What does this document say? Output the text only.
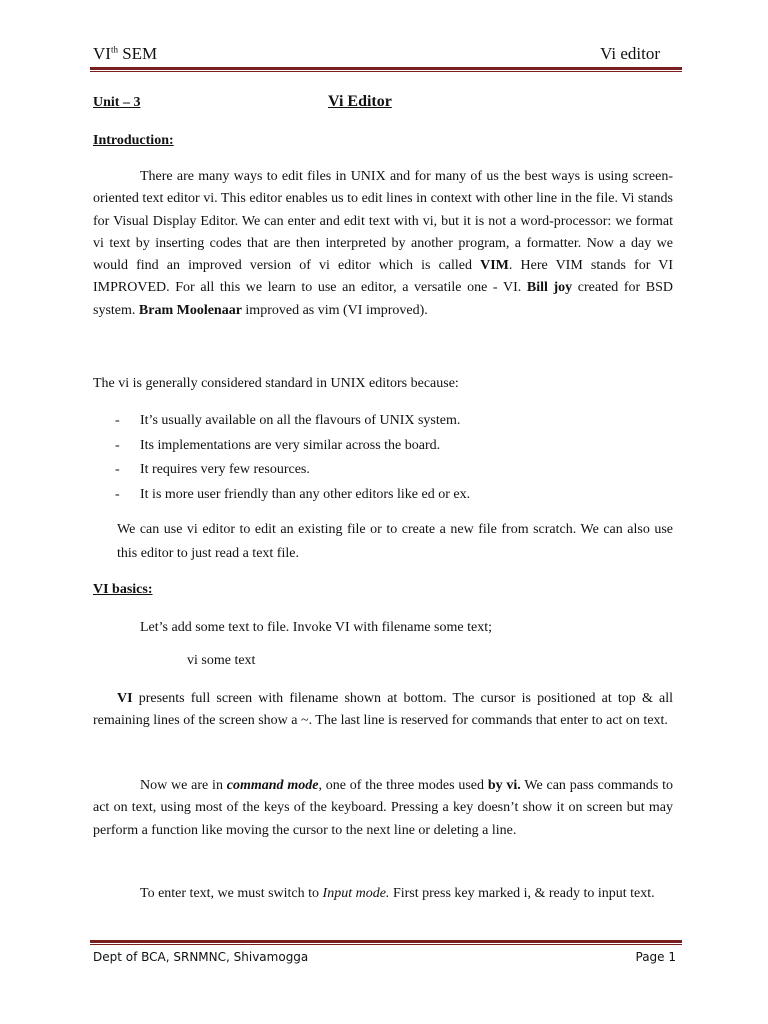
VIth SEM	Vi editor
Unit – 3	Vi Editor
Introduction:

There are many ways to edit files in UNIX and for many of us the best ways is using screen-oriented text editor vi. This editor enables us to edit lines in context with other line in the file. Vi stands for Visual Display Editor. We can enter and edit text with vi, but it is not a word-processor: we format vi text by inserting codes that are then interpreted by another program, a formatter. Now a day we would find an improved version of vi editor which is called VIM. Here VIM stands for VI IMPROVED. For all this we learn to use an editor, a versatile one - VI. Bill joy created for BSD system. Bram Moolenaar improved as vim (VI improved).

The vi is generally considered standard in UNIX editors because:

- It’s usually available on all the flavours of UNIX system.
- Its implementations are very similar across the board.
- It requires very few resources.
- It is more user friendly than any other editors like ed or ex.

We can use vi editor to edit an existing file or to create a new file from scratch. We can also use this editor to just read a text file.

VI basics:

Let’s add some text to file. Invoke VI with filename some text;

vi some text

VI presents full screen with filename shown at bottom. The cursor is positioned at top & all remaining lines of the screen show a ~. The last line is reserved for commands that enter to act on text.

Now we are in command mode, one of the three modes used by vi. We can pass commands to act on text, using most of the keys of the keyboard. Pressing a key doesn’t show it on screen but may perform a function like moving the cursor to the next line or deleting a line.

To enter text, we must switch to Input mode. First press key marked i, & ready to input text.

Dept of BCA, SRNMNC, Shivamogga	Page 1
